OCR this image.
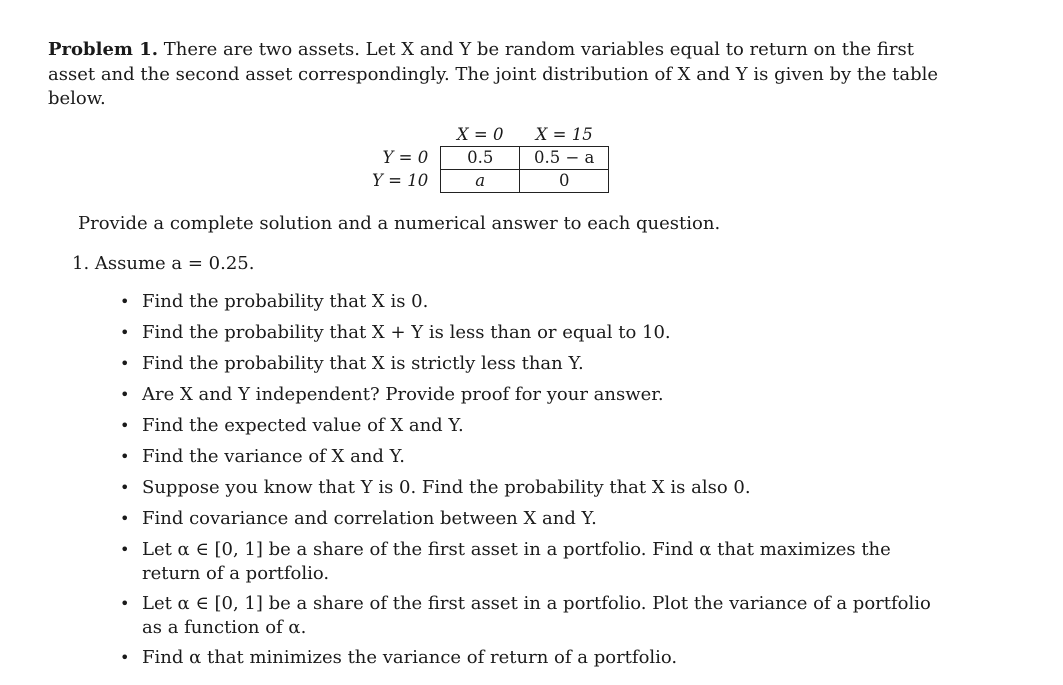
Problem 1. There are two assets. Let X and Y be random variables equal to return on the first asset and the second asset correspondingly. The joint distribution of X and Y is given by the table below.
	X = 0	X = 15
Y = 0	0.5	0.5 − a
Y = 10	a	0
Provide a complete solution and a numerical answer to each question.
1. Assume a = 0.25.
• Find the probability that X is 0.
• Find the probability that X + Y is less than or equal to 10.
• Find the probability that X is strictly less than Y.
• Are X and Y independent? Provide proof for your answer.
• Find the expected value of X and Y.
• Find the variance of X and Y.
• Suppose you know that Y is 0. Find the probability that X is also 0.
• Find covariance and correlation between X and Y.
• Let α ∈ [0, 1] be a share of the first asset in a portfolio. Find α that maximizes the return of a portfolio.
• Let α ∈ [0, 1] be a share of the first asset in a portfolio. Plot the variance of a portfolio as a function of α.
• Find α that minimizes the variance of return of a portfolio.
